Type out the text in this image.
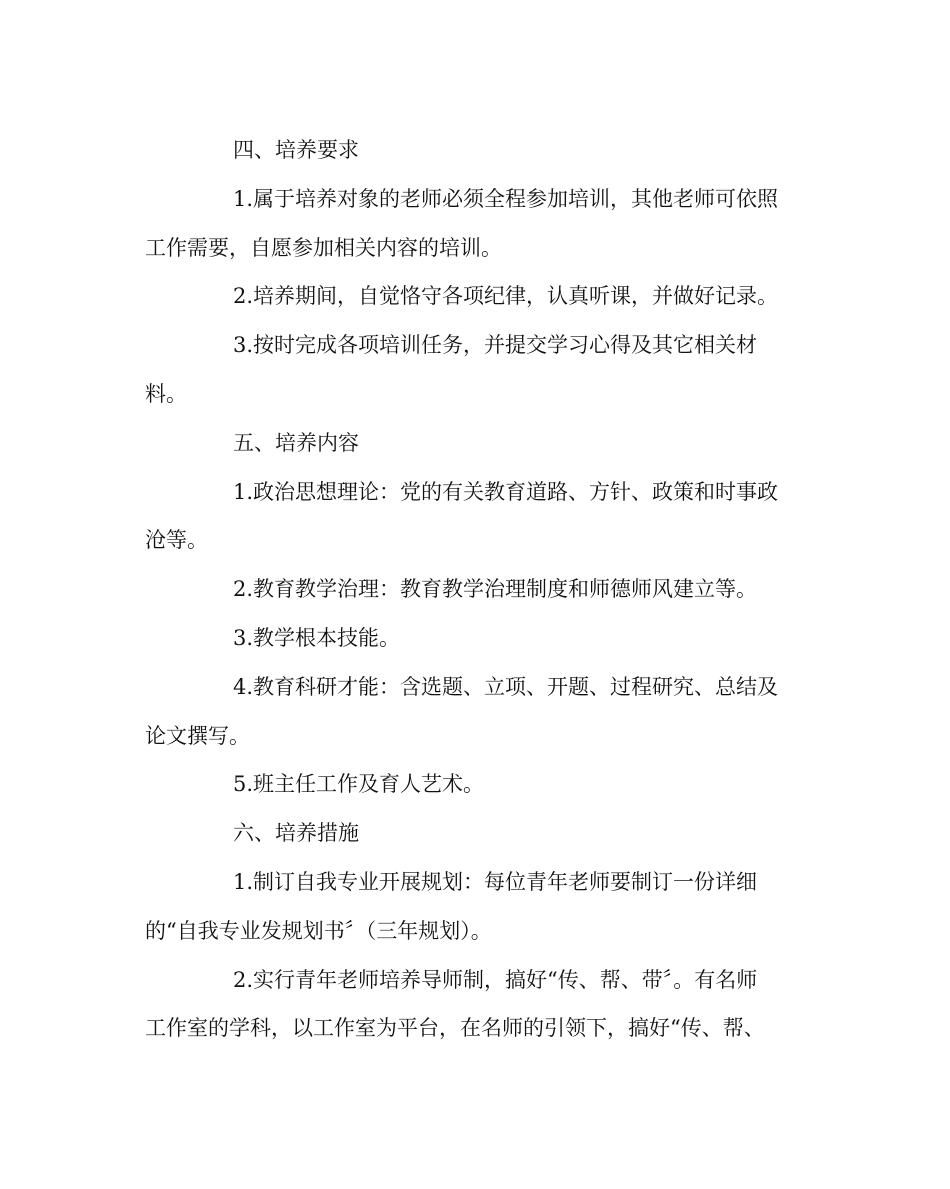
四、培养要求

1.属于培养对象的老师必须全程参加培训，其他老师可依照

工作需要，自愿参加相关内容的培训。

2.培养期间，自觉恪守各项纪律，认真听课，并做好记录。

3.按时完成各项培训任务，并提交学习心得及其它相关材

料。

五、培养内容

1.政治思想理论：党的有关教育道路、方针、政策和时事政

沧等。

2.教育教学治理：教育教学治理制度和师德师风建立等。

3.教学根本技能。

4.教育科研才能：含选题、立项、开题、过程研究、总结及

论文撰写。

5.班主任工作及育人艺术。

六、培养措施

1.制订自我专业开展规划：每位青年老师要制订一份详细

的“自我专业发规划书〞（三年规划）。

2.实行青年老师培养导师制，搞好“传、帮、带〞。有名师

工作室的学科，以工作室为平台，在名师的引领下，搞好“传、帮、
